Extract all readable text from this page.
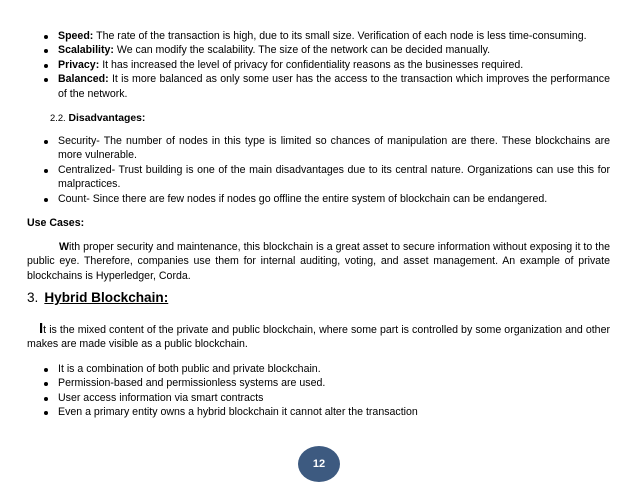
Speed: The rate of the transaction is high, due to its small size. Verification of each node is less time-consuming.
Scalability: We can modify the scalability. The size of the network can be decided manually.
Privacy: It has increased the level of privacy for confidentiality reasons as the businesses required.
Balanced: It is more balanced as only some user has the access to the transaction which improves the performance of the network.
2.2. Disadvantages:
Security- The number of nodes in this type is limited so chances of manipulation are there. These blockchains are more vulnerable.
Centralized- Trust building is one of the main disadvantages due to its central nature. Organizations can use this for malpractices.
Count- Since there are few nodes if nodes go offline the entire system of blockchain can be endangered.
Use Cases:
With proper security and maintenance, this blockchain is a great asset to secure information without exposing it to the public eye. Therefore, companies use them for internal auditing, voting, and asset management. An example of private blockchains is Hyperledger, Corda.
3. Hybrid Blockchain:
It is the mixed content of the private and public blockchain, where some part is controlled by some organization and other makes are made visible as a public blockchain.
It is a combination of both public and private blockchain.
Permission-based and permissionless systems are used.
User access information via smart contracts
Even a primary entity owns a hybrid blockchain it cannot alter the transaction
12
